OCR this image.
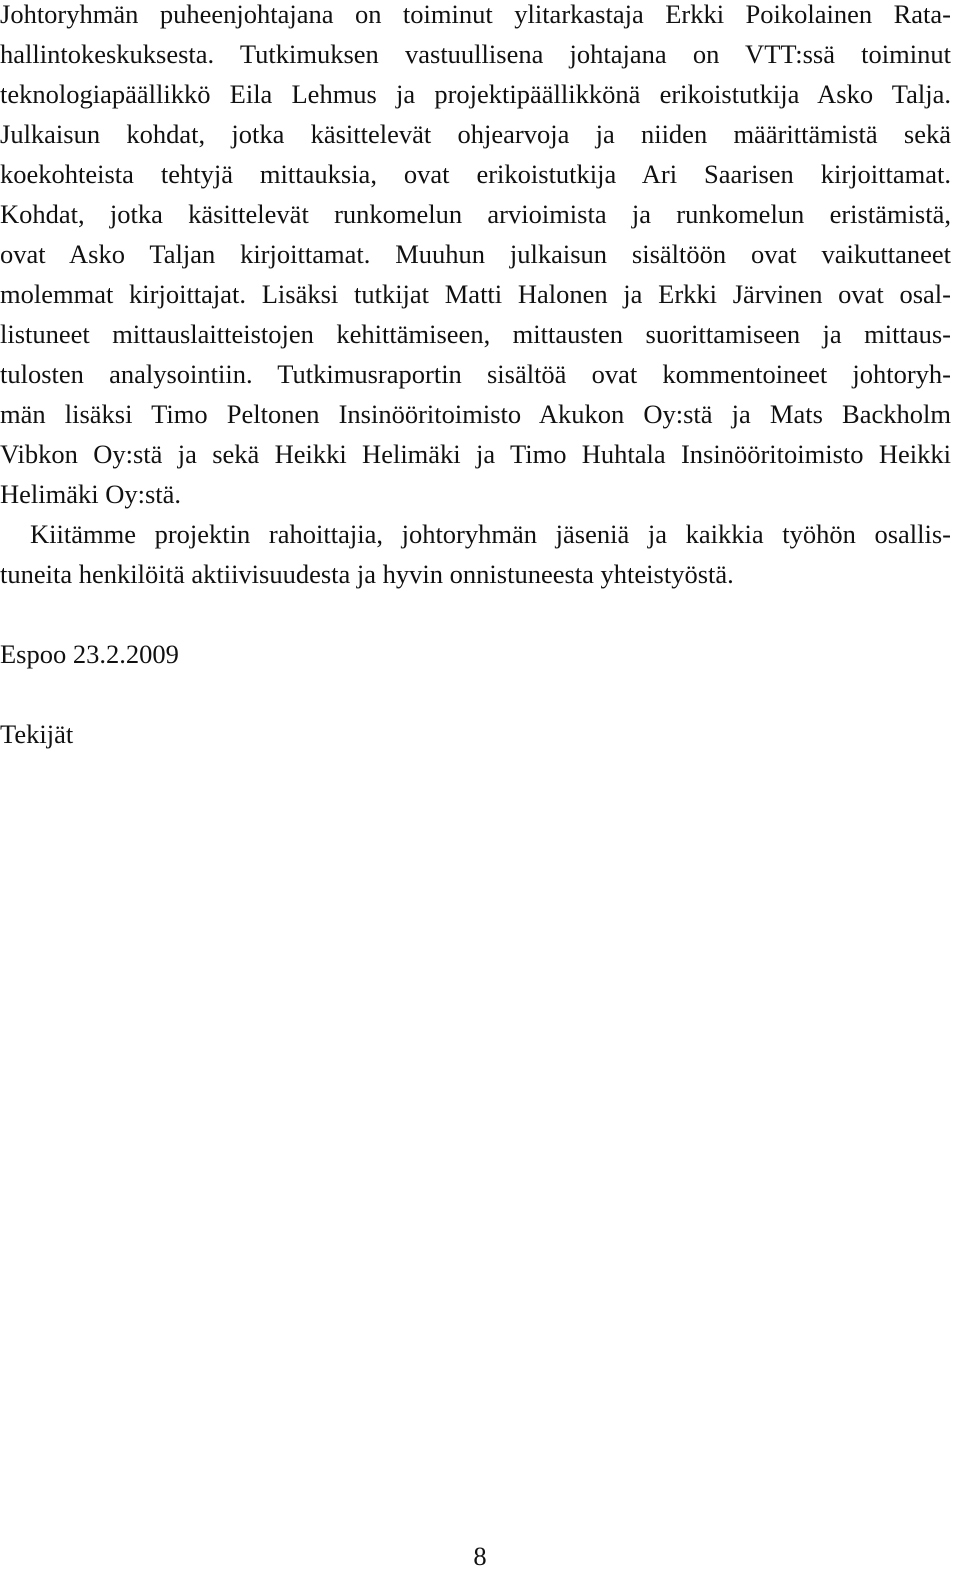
Johtoryhmän puheenjohtajana on toiminut ylitarkastaja Erkki Poikolainen Rata-
hallintokeskuksesta. Tutkimuksen vastuullisena johtajana on VTT:ssä toiminut
teknologiapäällikkö Eila Lehmus ja projektipäällikkönä erikoistutkija Asko Talja.
Julkaisun kohdat, jotka käsittelevät ohjearvoja ja niiden määrittämistä sekä
koekohteista tehtyjä mittauksia, ovat erikoistutkija Ari Saarisen kirjoittamat.
Kohdat, jotka käsittelevät runkomelun arvioimista ja runkomelun eristämistä,
ovat Asko Taljan kirjoittamat. Muuhun julkaisun sisältöön ovat vaikuttaneet
molemmat kirjoittajat. Lisäksi tutkijat Matti Halonen ja Erkki Järvinen ovat osal-
listuneet mittauslaitteistojen kehittämiseen, mittausten suorittamiseen ja mittaus-
tulosten analysointiin. Tutkimusraportin sisältöä ovat kommentoineet johtoryh-
män lisäksi Timo Peltonen Insinööritoimisto Akukon Oy:stä ja Mats Backholm
Vibkon Oy:stä ja sekä Heikki Helimäki ja Timo Huhtala Insinööritoimisto Heikki
Helimäki Oy:stä.
Kiitämme projektin rahoittajia, johtoryhmän jäseniä ja kaikkia työhön osallis-
tuneita henkilöitä aktiivisuudesta ja hyvin onnistuneesta yhteistyöstä.
Espoo 23.2.2009
Tekijät
8
